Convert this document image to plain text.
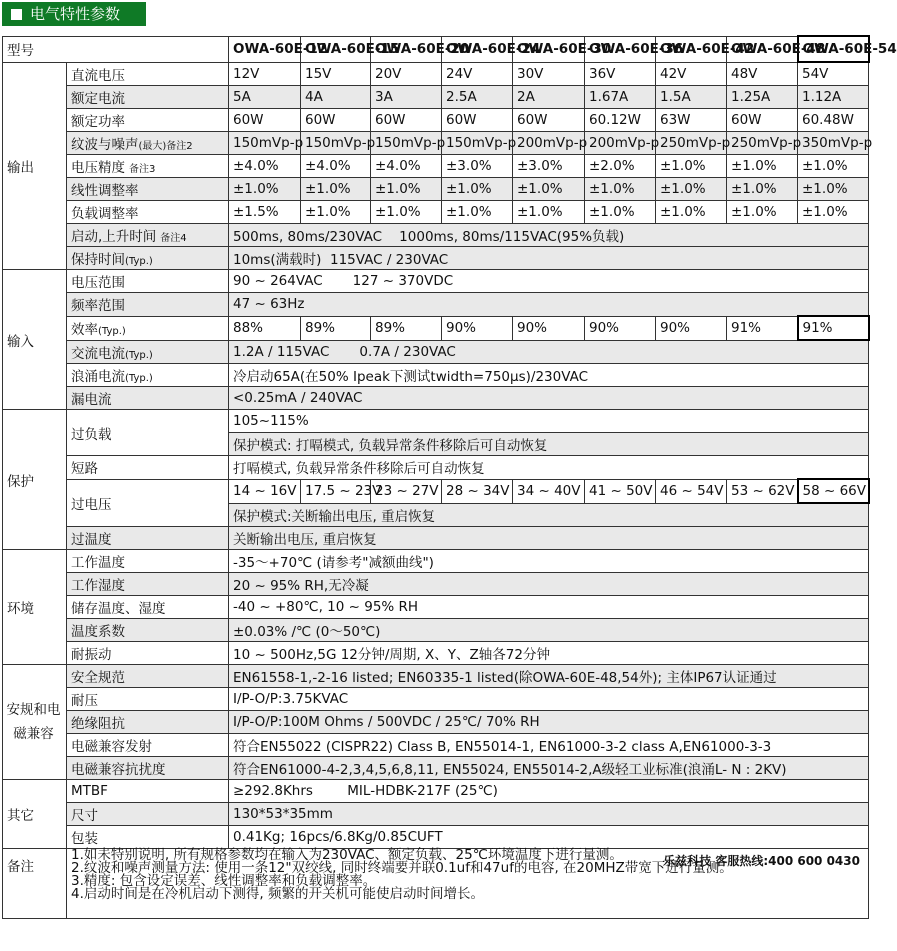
电气特性参数
型号		OWA-60E-12	OWA-60E-15	OWA-60E-20	OWA-60E-24	OWA-60E-30	OWA-60E-36	OWA-60E-42	OWA-60E-48	OWA-60E-54
输出	直流电压	12V	15V	20V	24V	30V	36V	42V	48V	54V
	额定电流	5A	4A	3A	2.5A	2A	1.67A	1.5A	1.25A	1.12A
	额定功率	60W	60W	60W	60W	60W	60.12W	63W	60W	60.48W
	纹波与噪声(最大)备注2	150mVp-p	150mVp-p	150mVp-p	150mVp-p	200mVp-p	200mVp-p	250mVp-p	250mVp-p	350mVp-p
	电压精度 备注3	±4.0%	±4.0%	±4.0%	±3.0%	±3.0%	±2.0%	±1.0%	±1.0%	±1.0%
	线性调整率	±1.0%	±1.0%	±1.0%	±1.0%	±1.0%	±1.0%	±1.0%	±1.0%	±1.0%
	负载调整率	±1.5%	±1.0%	±1.0%	±1.0%	±1.0%	±1.0%	±1.0%	±1.0%	±1.0%
	启动,上升时间 备注4	500ms, 80ms/230VAC    1000ms, 80ms/115VAC(95%负载)								
	保持时间(Typ.)	10ms(满载时)  115VAC / 230VAC								
输入	电压范围	90 ~ 264VAC       127 ~ 370VDC								
	频率范围	47 ~ 63Hz								
	效率(Typ.)	88%	89%	89%	90%	90%	90%	90%	91%	91%
	交流电流(Typ.)	1.2A / 115VAC       0.7A / 230VAC								
	浪涌电流(Typ.)	冷启动65A(在50% Ipeak下测试twidth=750µs)/230VAC								
	漏电流	<0.25mA / 240VAC								
保护	过负载	105~115%								
		保护模式: 打嗝模式, 负载异常条件移除后可自动恢复								
	短路	打嗝模式, 负载异常条件移除后可自动恢复								
	过电压	14 ~ 16V	17.5 ~ 23V	23 ~ 27V	28 ~ 34V	34 ~ 40V	41 ~ 50V	46 ~ 54V	53 ~ 62V	58 ~ 66V
		保护模式:关断输出电压, 重启恢复								
	过温度	关断输出电压, 重启恢复								
环境	工作温度	-35～+70℃ (请参考"减额曲线")								
	工作湿度	20 ~ 95% RH,无冷凝								
	储存温度、湿度	-40 ~ +80℃, 10 ~ 95% RH								
	温度系数	±0.03% /℃ (0～50℃)								
	耐振动	10 ~ 500Hz,5G 12分钟/周期, X、Y、Z轴各72分钟								
安规和电磁兼容	安全规范	EN61558-1,-2-16 listed; EN60335-1 listed(除OWA-60E-48,54外); 主体IP67认证通过								
	耐压	I/P-O/P:3.75KVAC								
	绝缘阻抗	I/P-O/P:100M Ohms / 500VDC / 25℃/ 70% RH								
	电磁兼容发射	符合EN55022 (CISPR22) Class B, EN55014-1, EN61000-3-2 class A,EN61000-3-3								
	电磁兼容抗扰度	符合EN61000-4-2,3,4,5,6,8,11, EN55024, EN55014-2,A级轻工业标准(浪涌L- N : 2KV)								
其它	MTBF	≥292.8Khrs        MIL-HDBK-217F (25℃)								
	尺寸	130*53*35mm								
	包装	0.41Kg; 16pcs/6.8Kg/0.85CUFT								
备注	乐兹科技 客服热线:400 600 0430
1.如未特别说明, 所有规格参数均在输入为230VAC、额定负载、25℃环境温度下进行量测。
2.纹波和噪声测量方法: 使用一条12"双绞线, 同时终端要并联0.1uf和47uf的电容, 在20MHZ带宽下进行量测。
3.精度: 包含设定误差、线性调整率和负载调整率。
4.启动时间是在冷机启动下测得, 频繁的开关机可能使启动时间增长。									
